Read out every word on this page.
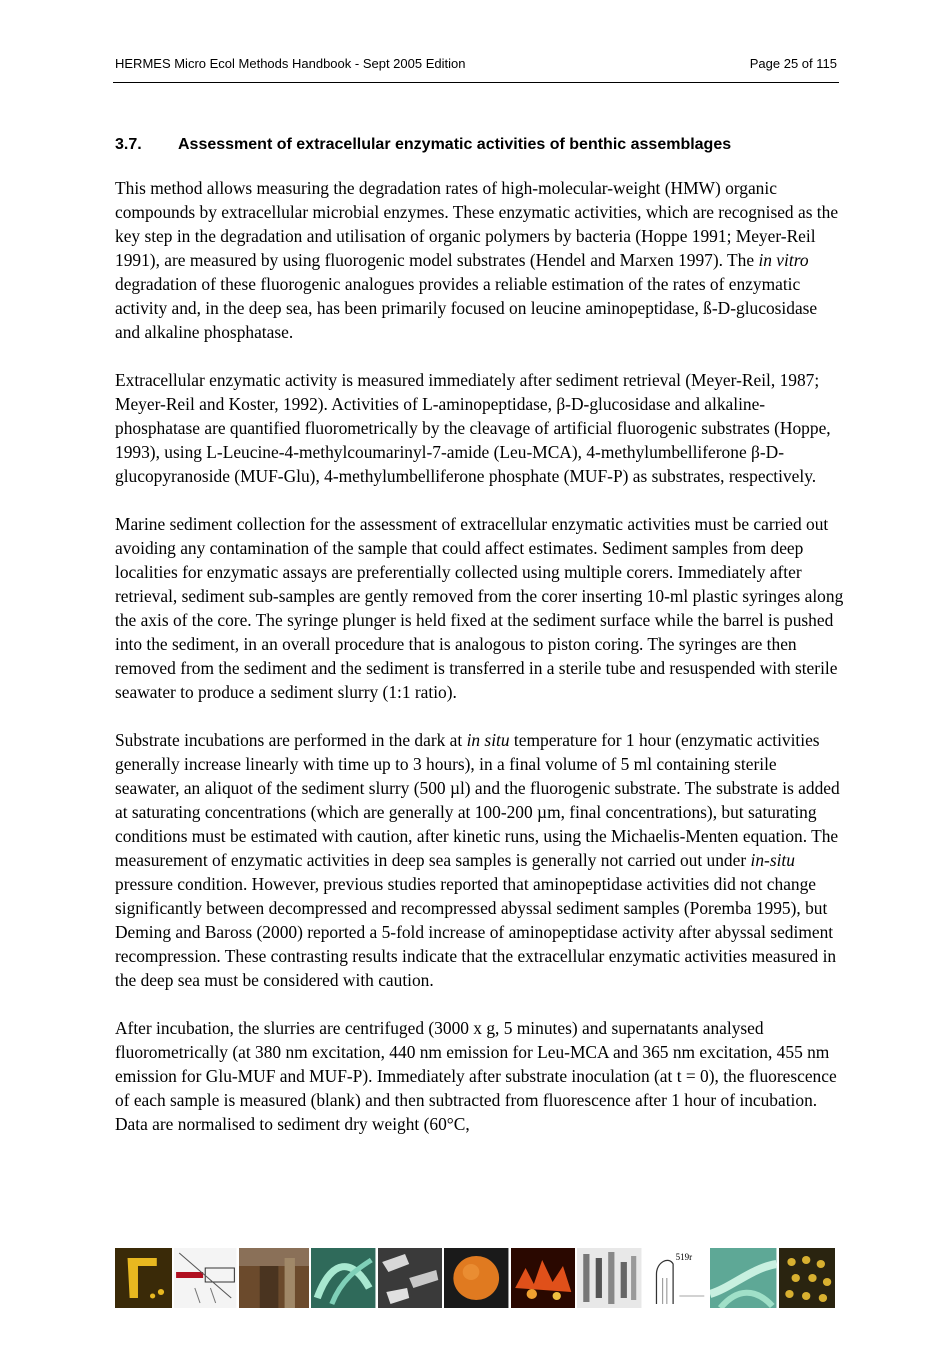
HERMES Micro Ecol Methods Handbook - Sept 2005 Edition	Page 25 of 115
3.7. Assessment of extracellular enzymatic activities of benthic assemblages

This method allows measuring the degradation rates of high-molecular-weight (HMW) organic compounds by extracellular microbial enzymes. These enzymatic activities, which are recognised as the key step in the degradation and utilisation of organic polymers by bacteria (Hoppe 1991; Meyer-Reil 1991), are measured by using fluorogenic model substrates (Hendel and Marxen 1997). The in vitro degradation of these fluorogenic analogues provides a reliable estimation of the rates of enzymatic activity and, in the deep sea, has been primarily focused on leucine aminopeptidase, ß-D-glucosidase and alkaline phosphatase.

Extracellular enzymatic activity is measured immediately after sediment retrieval (Meyer-Reil, 1987; Meyer-Reil and Koster, 1992). Activities of L-aminopeptidase, β-D-glucosidase and alkaline-phosphatase are quantified fluorometrically by the cleavage of artificial fluorogenic substrates (Hoppe, 1993), using L-Leucine-4-methylcoumarinyl-7-amide (Leu-MCA), 4-methylumbelliferone β-D-glucopyranoside (MUF-Glu), 4-methylumbelliferone phosphate (MUF-P) as substrates, respectively.

Marine sediment collection for the assessment of extracellular enzymatic activities must be carried out avoiding any contamination of the sample that could affect estimates. Sediment samples from deep localities for enzymatic assays are preferentially collected using multiple corers. Immediately after retrieval, sediment sub-samples are gently removed from the corer inserting 10-ml plastic syringes along the axis of the core. The syringe plunger is held fixed at the sediment surface while the barrel is pushed into the sediment, in an overall procedure that is analogous to piston coring. The syringes are then removed from the sediment and the sediment is transferred in a sterile tube and resuspended with sterile seawater to produce a sediment slurry (1:1 ratio).

Substrate incubations are performed in the dark at in situ temperature for 1 hour (enzymatic activities generally increase linearly with time up to 3 hours), in a final volume of 5 ml containing sterile seawater, an aliquot of the sediment slurry (500 µl) and the fluorogenic substrate. The substrate is added at saturating concentrations (which are generally at 100-200 µm, final concentrations), but saturating conditions must be estimated with caution, after kinetic runs, using the Michaelis-Menten equation. The measurement of enzymatic activities in deep sea samples is generally not carried out under in-situ pressure condition. However, previous studies reported that aminopeptidase activities did not change significantly between decompressed and recompressed abyssal sediment samples (Poremba 1995), but Deming and Baross (2000) reported a 5-fold increase of aminopeptidase activity after abyssal sediment recompression. These contrasting results indicate that the extracellular enzymatic activities measured in the deep sea must be considered with caution.

After incubation, the slurries are centrifuged (3000 x g, 5 minutes) and supernatants analysed fluorometrically (at 380 nm excitation, 440 nm emission for Leu-MCA and 365 nm excitation, 455 nm emission for Glu-MUF and MUF-P). Immediately after substrate inoculation (at t = 0), the fluorescence of each sample is measured (blank) and then subtracted from fluorescence after 1 hour of incubation. Data are normalised to sediment dry weight (60°C,

519r
